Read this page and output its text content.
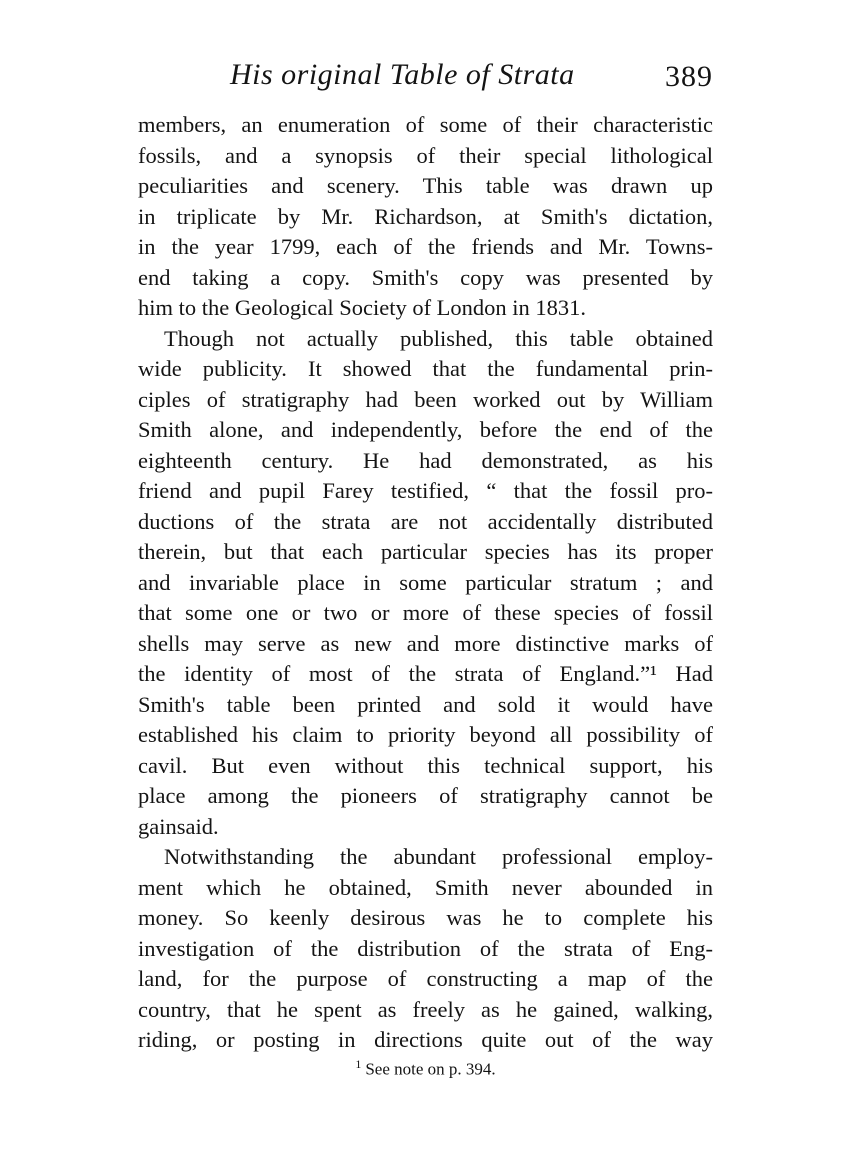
His original Table of Strata	389
members, an enumeration of some of their characteristic
fossils, and a synopsis of their special lithological
peculiarities and scenery. This table was drawn up
in triplicate by Mr. Richardson, at Smith's dictation,
in the year 1799, each of the friends and Mr. Towns-
end taking a copy. Smith's copy was presented by
him to the Geological Society of London in 1831.
Though not actually published, this table obtained
wide publicity. It showed that the fundamental prin-
ciples of stratigraphy had been worked out by William
Smith alone, and independently, before the end of the
eighteenth century. He had demonstrated, as his
friend and pupil Farey testified, “ that the fossil pro-
ductions of the strata are not accidentally distributed
therein, but that each particular species has its proper
and invariable place in some particular stratum ; and
that some one or two or more of these species of fossil
shells may serve as new and more distinctive marks of
the identity of most of the strata of England.”¹ Had
Smith's table been printed and sold it would have
established his claim to priority beyond all possibility of
cavil. But even without this technical support, his
place among the pioneers of stratigraphy cannot be
gainsaid.
Notwithstanding the abundant professional employ-
ment which he obtained, Smith never abounded in
money. So keenly desirous was he to complete his
investigation of the distribution of the strata of Eng-
land, for the purpose of constructing a map of the
country, that he spent as freely as he gained, walking,
riding, or posting in directions quite out of the way
$^1$ See note on p. 394.
